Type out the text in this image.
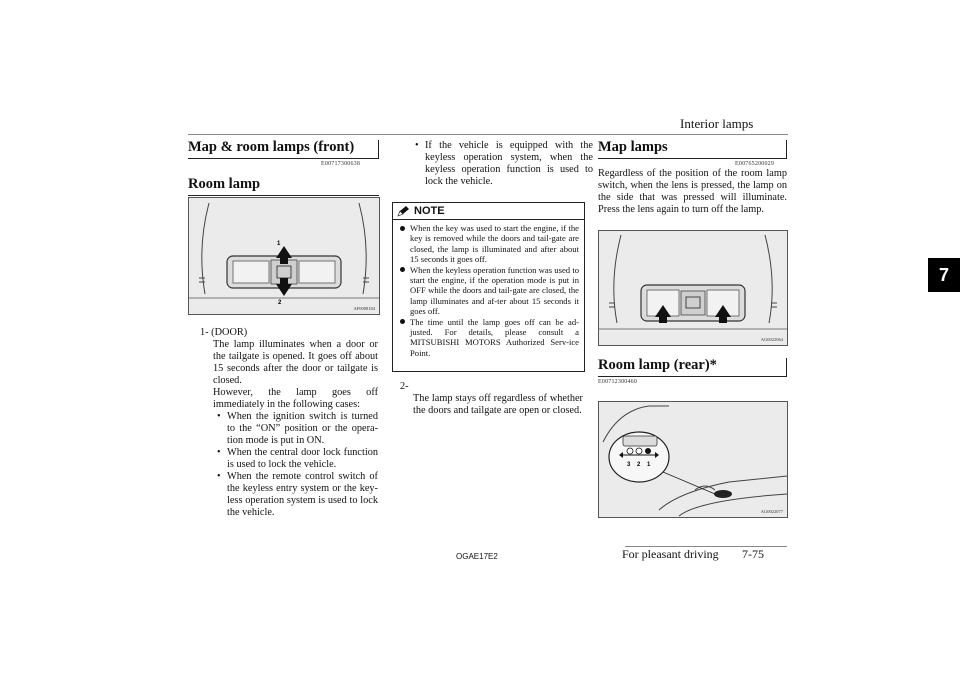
Interior lamps
7
Map & room lamps (front)
E00717300638
Room lamp
1
2
AF0008184

1- (DOOR)

The lamp illuminates when a door or the tailgate is opened. It goes off about 15 seconds after the door or tailgate is closed.

However, the lamp goes off immediately in the following cases:

• When the ignition switch is turned to the “ON” position or the opera-tion mode is put in ON.
• When the central door lock function is used to lock the vehicle.
• When the remote control switch of the keyless entry system or the key-less operation system is used to lock the vehicle.
• If the vehicle is equipped with the keyless operation system, when the keyless operation function is used to lock the vehicle.
NOTE
When the key was used to start the engine, if the key is removed while the doors and tail-gate are closed, the lamp is illuminated and after about 15 seconds it goes off.
When the keyless operation function was used to start the engine, if the operation mode is put in OFF while the doors and tail-gate are closed, the lamp illuminates and af-ter about 15 seconds it goes off.
The time until the lamp goes off can be ad-justed. For details, please consult a MITSUBISHI MOTORS Authorized Serv-ice Point.

2-

The lamp stays off regardless of whether the doors and tailgate are open or closed.

Map lamps
E00765200029
Regardless of the position of the room lamp switch, when the lens is pressed, the lamp on the side that was pressed will illuminate. Press the lens again to turn off the lamp.
AG0022064
Room lamp (rear)*
E00712300460
3 2 1
AG0022077
OGAE17E2	For pleasant driving 7-75
